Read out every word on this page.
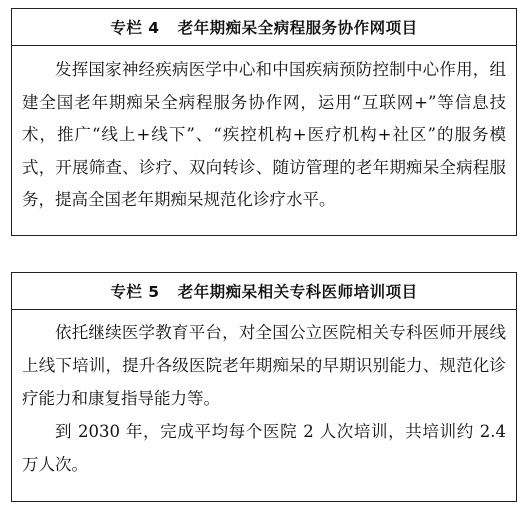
专栏 4 老年期痴呆全病程服务协作网项目

发挥国家神经疾病医学中心和中国疾病预防控制中心作用，组建全国老年期痴呆全病程服务协作网，运用“互联网+”等信息技术，推广“线上+线下”、“疾控机构+医疗机构+社区”的服务模式，开展筛查、诊疗、双向转诊、随访管理的老年期痴呆全病程服务，提高全国老年期痴呆规范化诊疗水平。

专栏 5 老年期痴呆相关专科医师培训项目

依托继续医学教育平台，对全国公立医院相关专科医师开展线上线下培训，提升各级医院老年期痴呆的早期识别能力、规范化诊疗能力和康复指导能力等。

到 2030 年，完成平均每个医院 2 人次培训，共培训约 2.4 万人次。
